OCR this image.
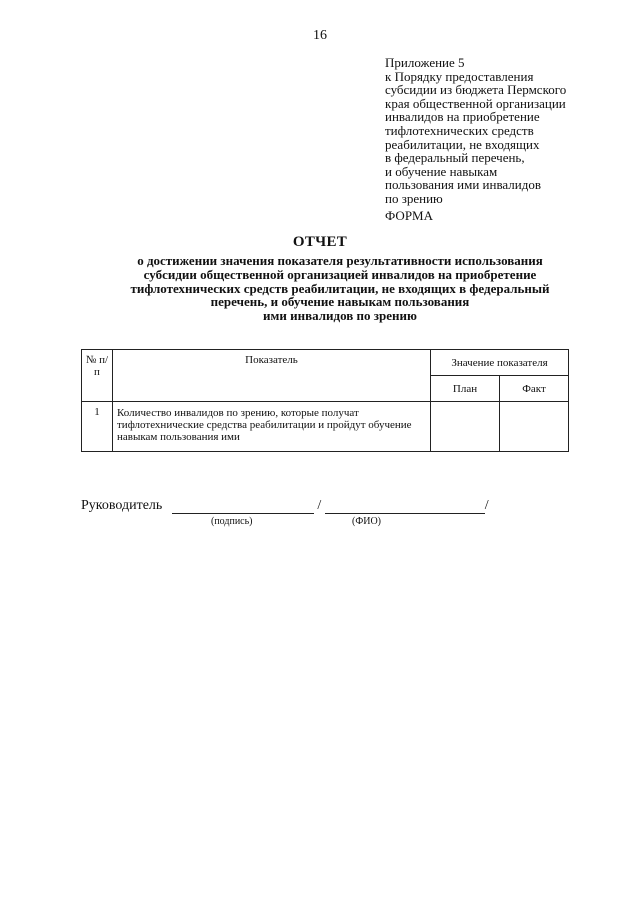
16
Приложение 5
к Порядку предоставления
субсидии из бюджета Пермского
края общественной организации
инвалидов на приобретение
тифлотехнических средств
реабилитации, не входящих
в федеральный перечень,
и обучение навыкам
пользования ими инвалидов
по зрению
ФОРМА
ОТЧЕТ
о достижении значения показателя результативности использования
субсидии общественной организацией инвалидов на приобретение
тифлотехнических средств реабилитации, не входящих в федеральный
перечень, и обучение навыкам пользования
ими инвалидов по зрению
№ п/п	Показатель	Значение показателя	
		План	Факт
1	Количество инвалидов по зрению, которые получат тифлотехнические средства реабилитации и пройдут обучение навыкам пользования ими		
Руководитель	/	/
(подпись)	(ФИО)
